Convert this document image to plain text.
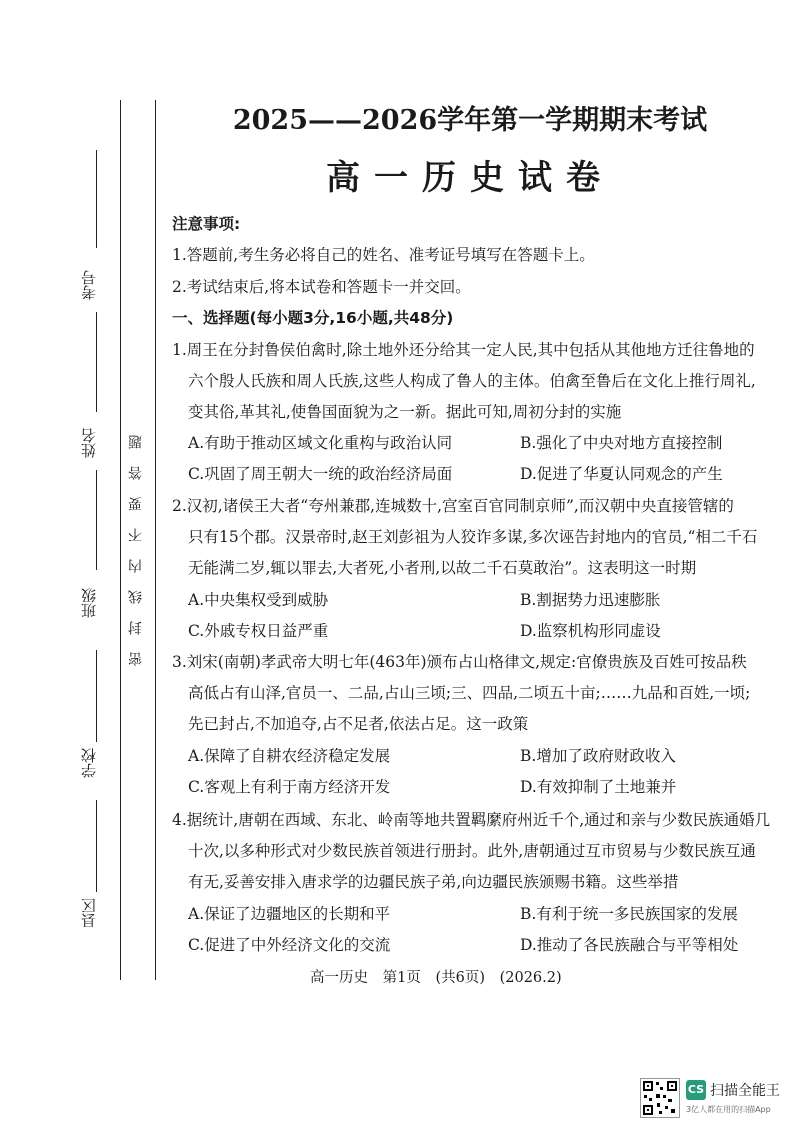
考号
姓名
班级
学校
县区
密封线内不要答题
2025——2026学年第一学期期末考试
高一历史试卷
注意事项:
1.答题前,考生务必将自己的姓名、准考证号填写在答题卡上。
2.考试结束后,将本试卷和答题卡一并交回。
一、选择题(每小题3分,16小题,共48分)
1.周王在分封鲁侯伯禽时,除土地外还分给其一定人民,其中包括从其他地方迁往鲁地的
六个殷人氏族和周人氏族,这些人构成了鲁人的主体。伯禽至鲁后在文化上推行周礼,
变其俗,革其礼,使鲁国面貌为之一新。据此可知,周初分封的实施
A.有助于推动区域文化重构与政治认同	B.强化了中央对地方直接控制
C.巩固了周王朝大一统的政治经济局面	D.促进了华夏认同观念的产生
2.汉初,诸侯王大者“夸州兼郡,连城数十,宫室百官同制京师”,而汉朝中央直接管辖的
只有15个郡。汉景帝时,赵王刘彭祖为人狡诈多谋,多次诬告封地内的官员,“相二千石
无能满二岁,辄以罪去,大者死,小者刑,以故二千石莫敢治”。这表明这一时期
A.中央集权受到威胁	B.割据势力迅速膨胀
C.外戚专权日益严重	D.监察机构形同虚设
3.刘宋(南朝)孝武帝大明七年(463年)颁布占山格律文,规定:官僚贵族及百姓可按品秩
高低占有山泽,官员一、二品,占山三顷;三、四品,二顷五十亩;……九品和百姓,一顷;
先已封占,不加追夺,占不足者,依法占足。这一政策
A.保障了自耕农经济稳定发展	B.增加了政府财政收入
C.客观上有利于南方经济开发	D.有效抑制了土地兼并
4.据统计,唐朝在西域、东北、岭南等地共置羁縻府州近千个,通过和亲与少数民族通婚几
十次,以多种形式对少数民族首领进行册封。此外,唐朝通过互市贸易与少数民族互通
有无,妥善安排入唐求学的边疆民族子弟,向边疆民族颁赐书籍。这些举措
A.保证了边疆地区的长期和平	B.有利于统一多民族国家的发展
C.促进了中外经济文化的交流	D.推动了各民族融合与平等相处
高一历史 第1页 (共6页) (2026.2)
CS 扫描全能王
3亿人都在用的扫描App
